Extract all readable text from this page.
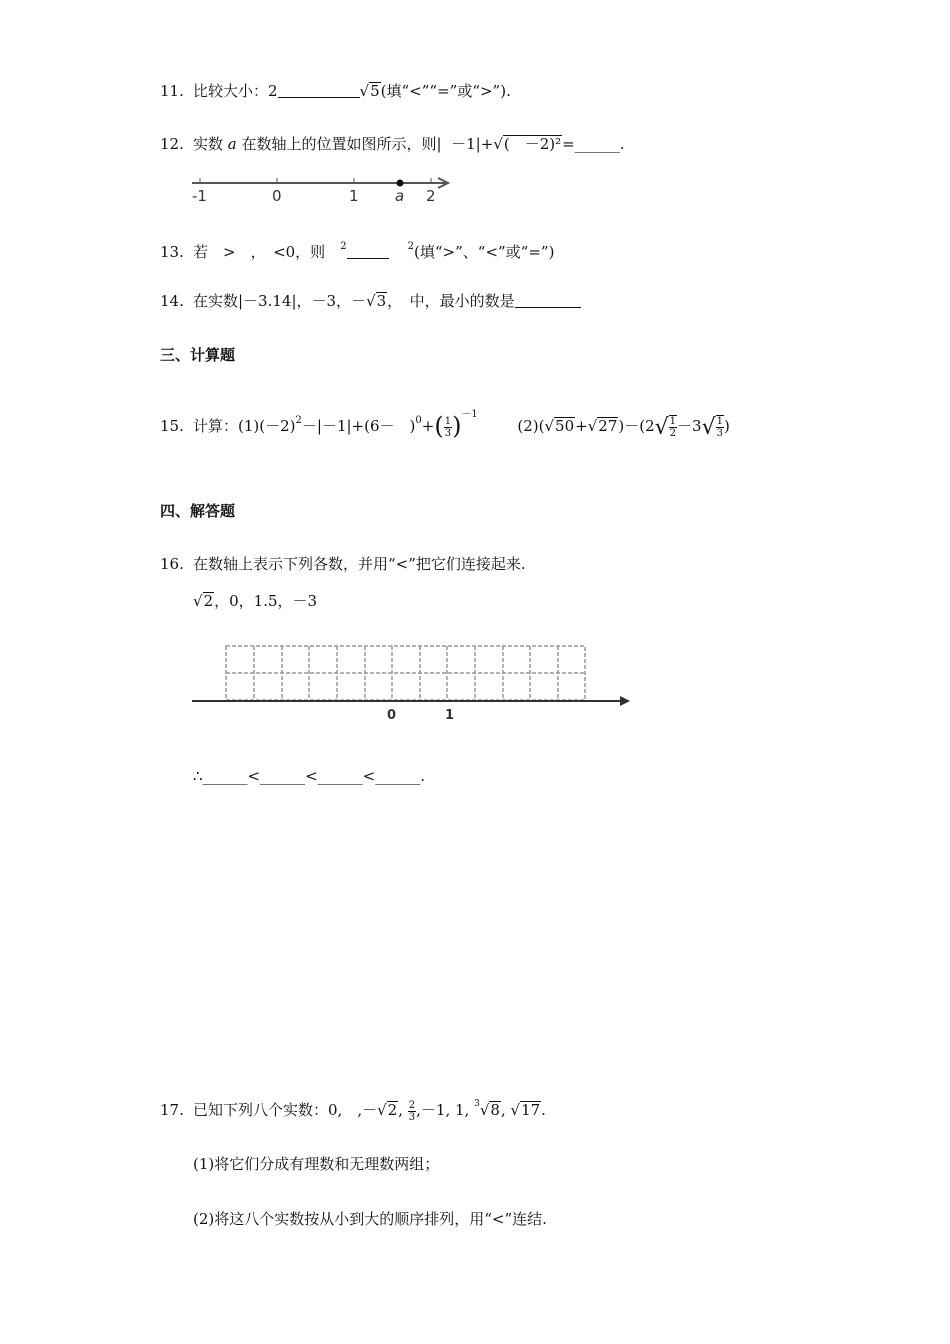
11. 比较大小：2	√5(填“<”“=”或“>”).
12. 实数 a 在数轴上的位置如图所示，则| －1|+√(　－2)²=______.
-1	0	1 a 2
13. 若　>　，　<0，则　$^2$	$^2$(填“>”、“<”或“=”)
14. 在实数|－3.14|，－3，－√3，　中，最小的数是
三、计算题
15. 计算：$(1)(-2)^2-|-1|+(6-$　)$^0+( \frac{1}{3} )^{-1}$  $(2)(√50+√27)-(2√ \frac{1}{2} -3√ \frac{1}{3}$ )
四、解答题
16. 在数轴上表示下列各数，并用“<”把它们连接起来.
√2，0，1.5，－3
0	1
∴______<______<______<______.
17. 已知下列八个实数：0,　,－√2, $\frac{2}{3} ,-1$, 1, $^3$√8, √17.
(1)将它们分成有理数和无理数两组；
(2)将这八个实数按从小到大的顺序排列，用“<”连结.
